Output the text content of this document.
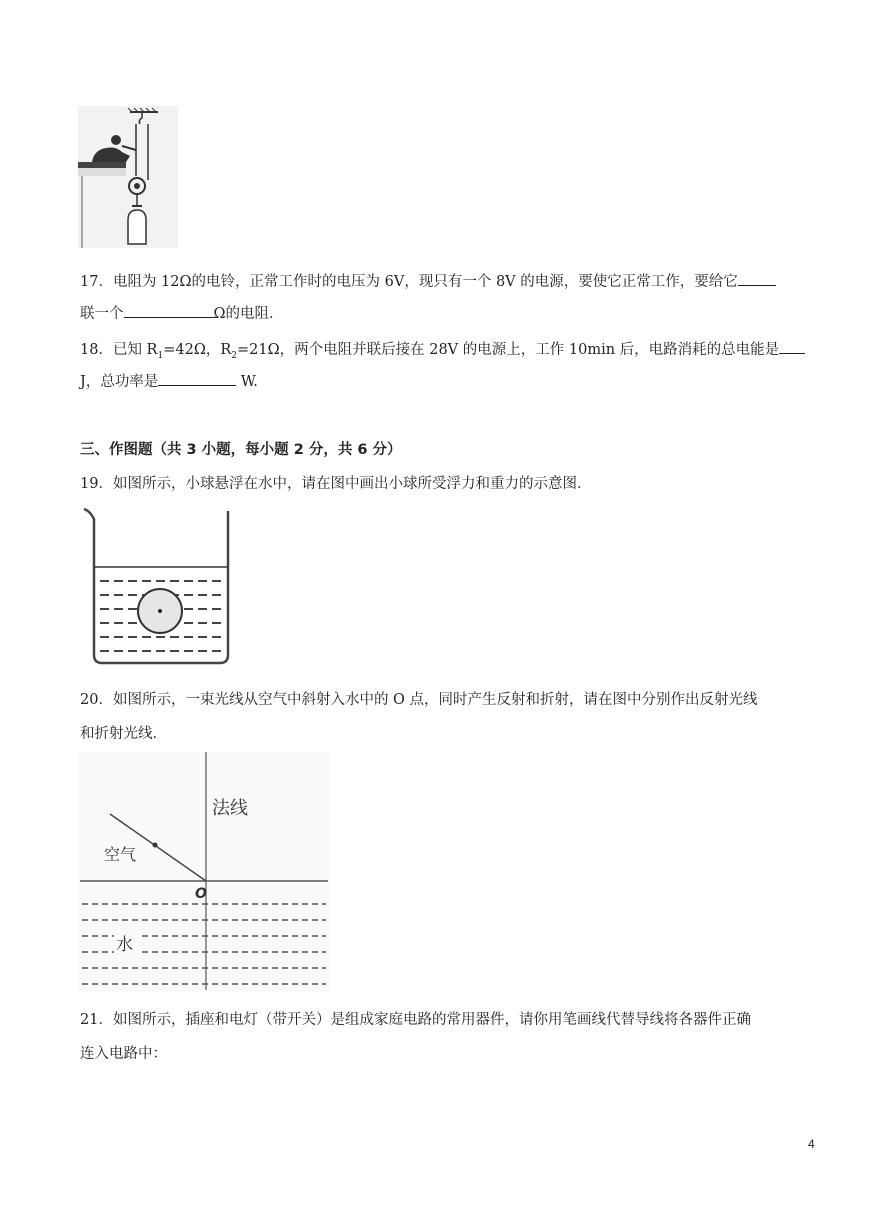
17．电阻为 12Ω的电铃，正常工作时的电压为 6V，现只有一个 8V 的电源，要使它正常工作，要给它
联一个	Ω的电阻．
18．已知 $R_1=42\Omega$，$R_2=21\Omega$，两个电阻并联后接在 28V 的电源上，工作 10min 后，电路消耗的总电能是
J，总功率是	W.
三、作图题（共 3 小题，每小题 2 分，共 6 分）
19．如图所示，小球悬浮在水中，请在图中画出小球所受浮力和重力的示意图．
20．如图所示，一束光线从空气中斜射入水中的 O 点，同时产生反射和折射，请在图中分别作出反射光线
和折射光线．
法线
空气
O
水
21．如图所示，插座和电灯（带开关）是组成家庭电路的常用器件，请你用笔画线代替导线将各器件正确
连入电路中：
4
